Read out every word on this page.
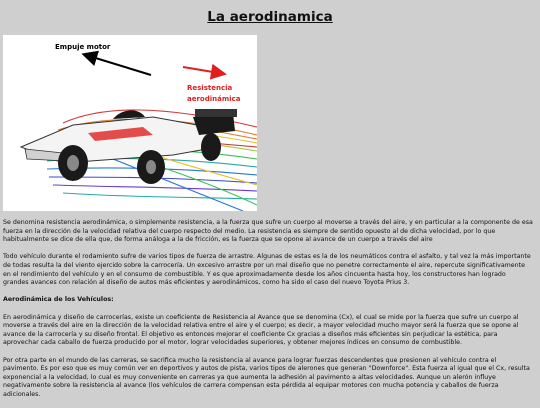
La aerodinamica
Empuje motor
Resistencia
aerodinámica

Se denomina resistencia aerodinámica, o simplemente resistencia, a la fuerza que sufre un cuerpo al moverse a través del aire, y en particular a la componente de esa fuerza en la dirección de la velocidad relativa del cuerpo respecto del medio. La resistencia es siempre de sentido opuesto al de dicha velocidad, por lo que habitualmente se dice de ella que, de forma análoga a la de fricción, es la fuerza que se opone al avance de un cuerpo a través del aire

Todo vehículo durante el rodamiento sufre de varios tipos de fuerza de arrastre. Algunas de estas es la de los neumáticos contra el asfalto, y tal vez la más importante de todas resulta la del viento ejercido sobre la carrocería. Un excesivo arrastre por un mal diseño que no penetre correctamente el aire, repercute significativamente en el rendimiento del vehículo y en el consumo de combustible. Y es que aproximadamente desde los años cincuenta hasta hoy, los constructores han logrado grandes avances con relación al diseño de autos más eficientes y aerodinámicos, como ha sido el caso del nuevo Toyota Prius 3.

Aerodinámica de los Vehículos:

En aerodinámica y diseño de carrocerías, existe un coeficiente de Resistencia al Avance que se denomina (Cx), el cual se mide por la fuerza que sufre un cuerpo al moverse a través del aire en la dirección de la velocidad relativa entre el aire y el cuerpo; es decir, a mayor velocidad mucho mayor será la fuerza que se opone al avance de la carrocería y su diseño frontal. El objetivo es entonces mejorar el coeficiente Cx gracias a diseños más eficientes sin perjudicar la estética, para aprovechar cada caballo de fuerza producido por el motor, lograr velocidades superiores, y obtener mejores índices en consumo de combustible.

Por otra parte en el mundo de las carreras, se sacrifica mucho la resistencia al avance para lograr fuerzas descendentes que presionen al vehículo contra el pavimento. Es por eso que es muy común ver en deportivos y autos de pista, varios tipos de alerones que generan "Downforce". Esta fuerza al igual que el Cx, resulta exponencial a la velocidad, lo cual es muy conveniente en carreras ya que aumenta la adhesión al pavimento a altas velocidades. Aunque un alerón influye negativamente sobre la resistencia al avance (los vehículos de carrera compensan esta pérdida al equipar motores con mucha potencia y caballos de fuerza adicionales.
